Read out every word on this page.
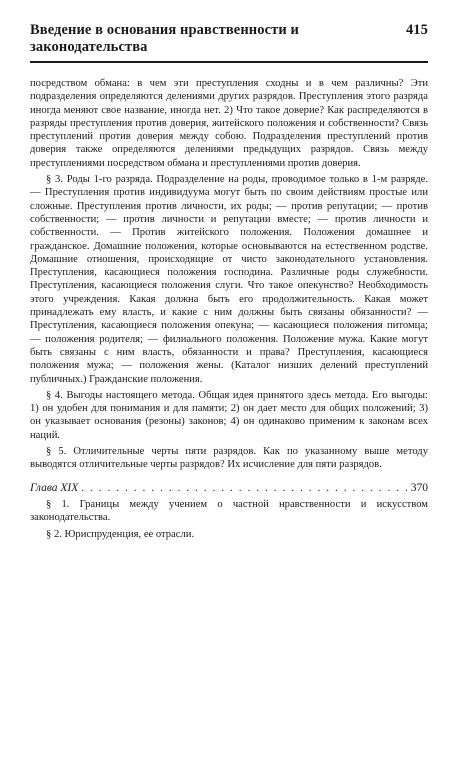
Введение в основания нравственности и законодательства
415

посредством обмана: в чем эти преступления сходны и в чем различны? Эти подразделения определяются делениями других разрядов. Преступления этого разряда иногда меняют свое название, иногда нет. 2) Что такое доверие? Как распределяются в разряды преступления против доверия, житейского положения и собственности? Связь преступлений против доверия между собою. Подразделения преступлений против доверия также определяются делениями предыдущих разрядов. Связь между преступлениями посредством обмана и преступлениями против доверия.

§ 3. Роды 1-го разряда. Подразделение на роды, проводимое только в 1-м разряде. — Преступления против индивидуума могут быть по своим действиям простые или сложные. Преступления против личности, их роды; — против репутации; — против собственности; — против личности и репутации вместе; — против личности и собственности. — Против житейского положения. Положения домашнее и гражданское. Домашние положения, которые основываются на естественном родстве. Домашние отношения, происходящие от чисто законодательного установления. Преступления, касающиеся положения господина. Различные роды служебности. Преступления, касающиеся положения слуги. Что такое опекунство? Необходимость этого учреждения. Какая должна быть его продолжительность. Какая может принадлежать ему власть, и какие с ним должны быть связаны обязанности? — Преступления, касающиеся положения опекуна; — касающиеся положения питомца; — положения родителя; — филиального положения. Положение мужа. Какие могут быть связаны с ним власть, обязанности и права? Преступления, касающиеся положения мужа; — положения жены. (Каталог низших делений преступлений публичных.) Гражданские положения.

§ 4. Выгоды настоящего метода. Общая идея принятого здесь метода. Его выгоды: 1) он удобен для понимания и для памяти; 2) он дает место для общих положений; 3) он указывает основания (резоны) законов; 4) он одинаково применим к законам всех наций.

§ 5. Отличительные черты пяти разрядов. Как по указанному выше методу выводятся отличительные черты разрядов? Их исчисление для пяти разрядов.

Глава XIX
. . .	370

§ 1. Границы между учением о частной нравственности и искусством законодательства.

§ 2. Юриспруденция, ее отрасли.
